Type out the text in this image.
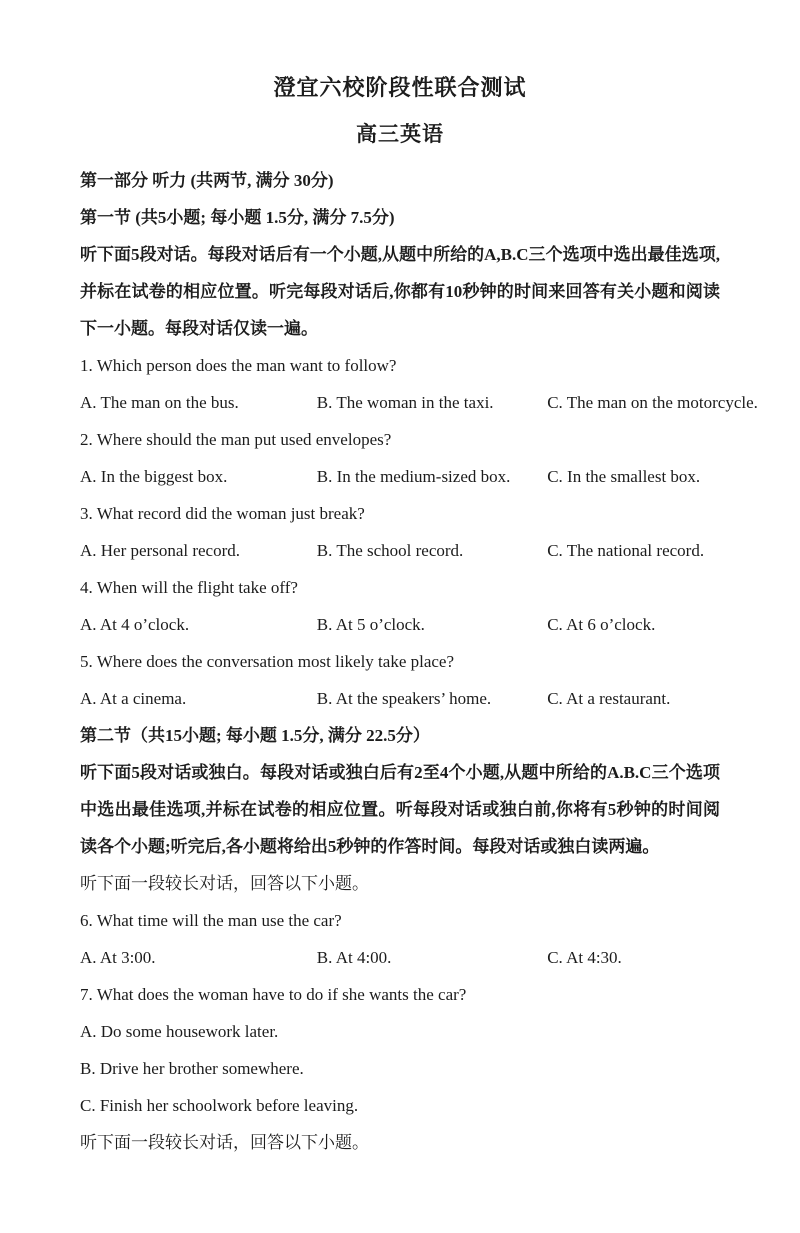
澄宜六校阶段性联合测试
高三英语

第一部分 听力 (共两节, 满分 30分)

第一节 (共5小题; 每小题 1.5分, 满分 7.5分)

听下面5段对话。每段对话后有一个小题,从题中所给的A,B.C三个选项中选出最佳选项,并标在试卷的相应位置。听完每段对话后,你都有10秒钟的时间来回答有关小题和阅读下一小题。每段对话仅读一遍。

1. Which person does the man want to follow?

A. The man on the bus.	B. The woman in the taxi.	C. The man on the motorcycle.

2. Where should the man put used envelopes?

A. In the biggest box.	B. In the medium-sized box.	C. In the smallest box.

3. What record did the woman just break?

A. Her personal record.	B. The school record.	C. The national record.

4. When will the flight take off?

A. At 4 o’clock.	B. At 5 o’clock.	C. At 6 o’clock.

5. Where does the conversation most likely take place?

A. At a cinema.	B. At the speakers’ home.	C. At a restaurant.

第二节（共15小题; 每小题 1.5分, 满分 22.5分）

听下面5段对话或独白。每段对话或独白后有2至4个小题,从题中所给的A.B.C三个选项中选出最佳选项,并标在试卷的相应位置。听每段对话或独白前,你将有5秒钟的时间阅读各个小题;听完后,各小题将给出5秒钟的作答时间。每段对话或独白读两遍。

听下面一段较长对话，回答以下小题。

6. What time will the man use the car?

A. At 3:00.	B. At 4:00.	C. At 4:30.

7. What does the woman have to do if she wants the car?

A. Do some housework later.

B. Drive her brother somewhere.

C. Finish her schoolwork before leaving.

听下面一段较长对话，回答以下小题。
